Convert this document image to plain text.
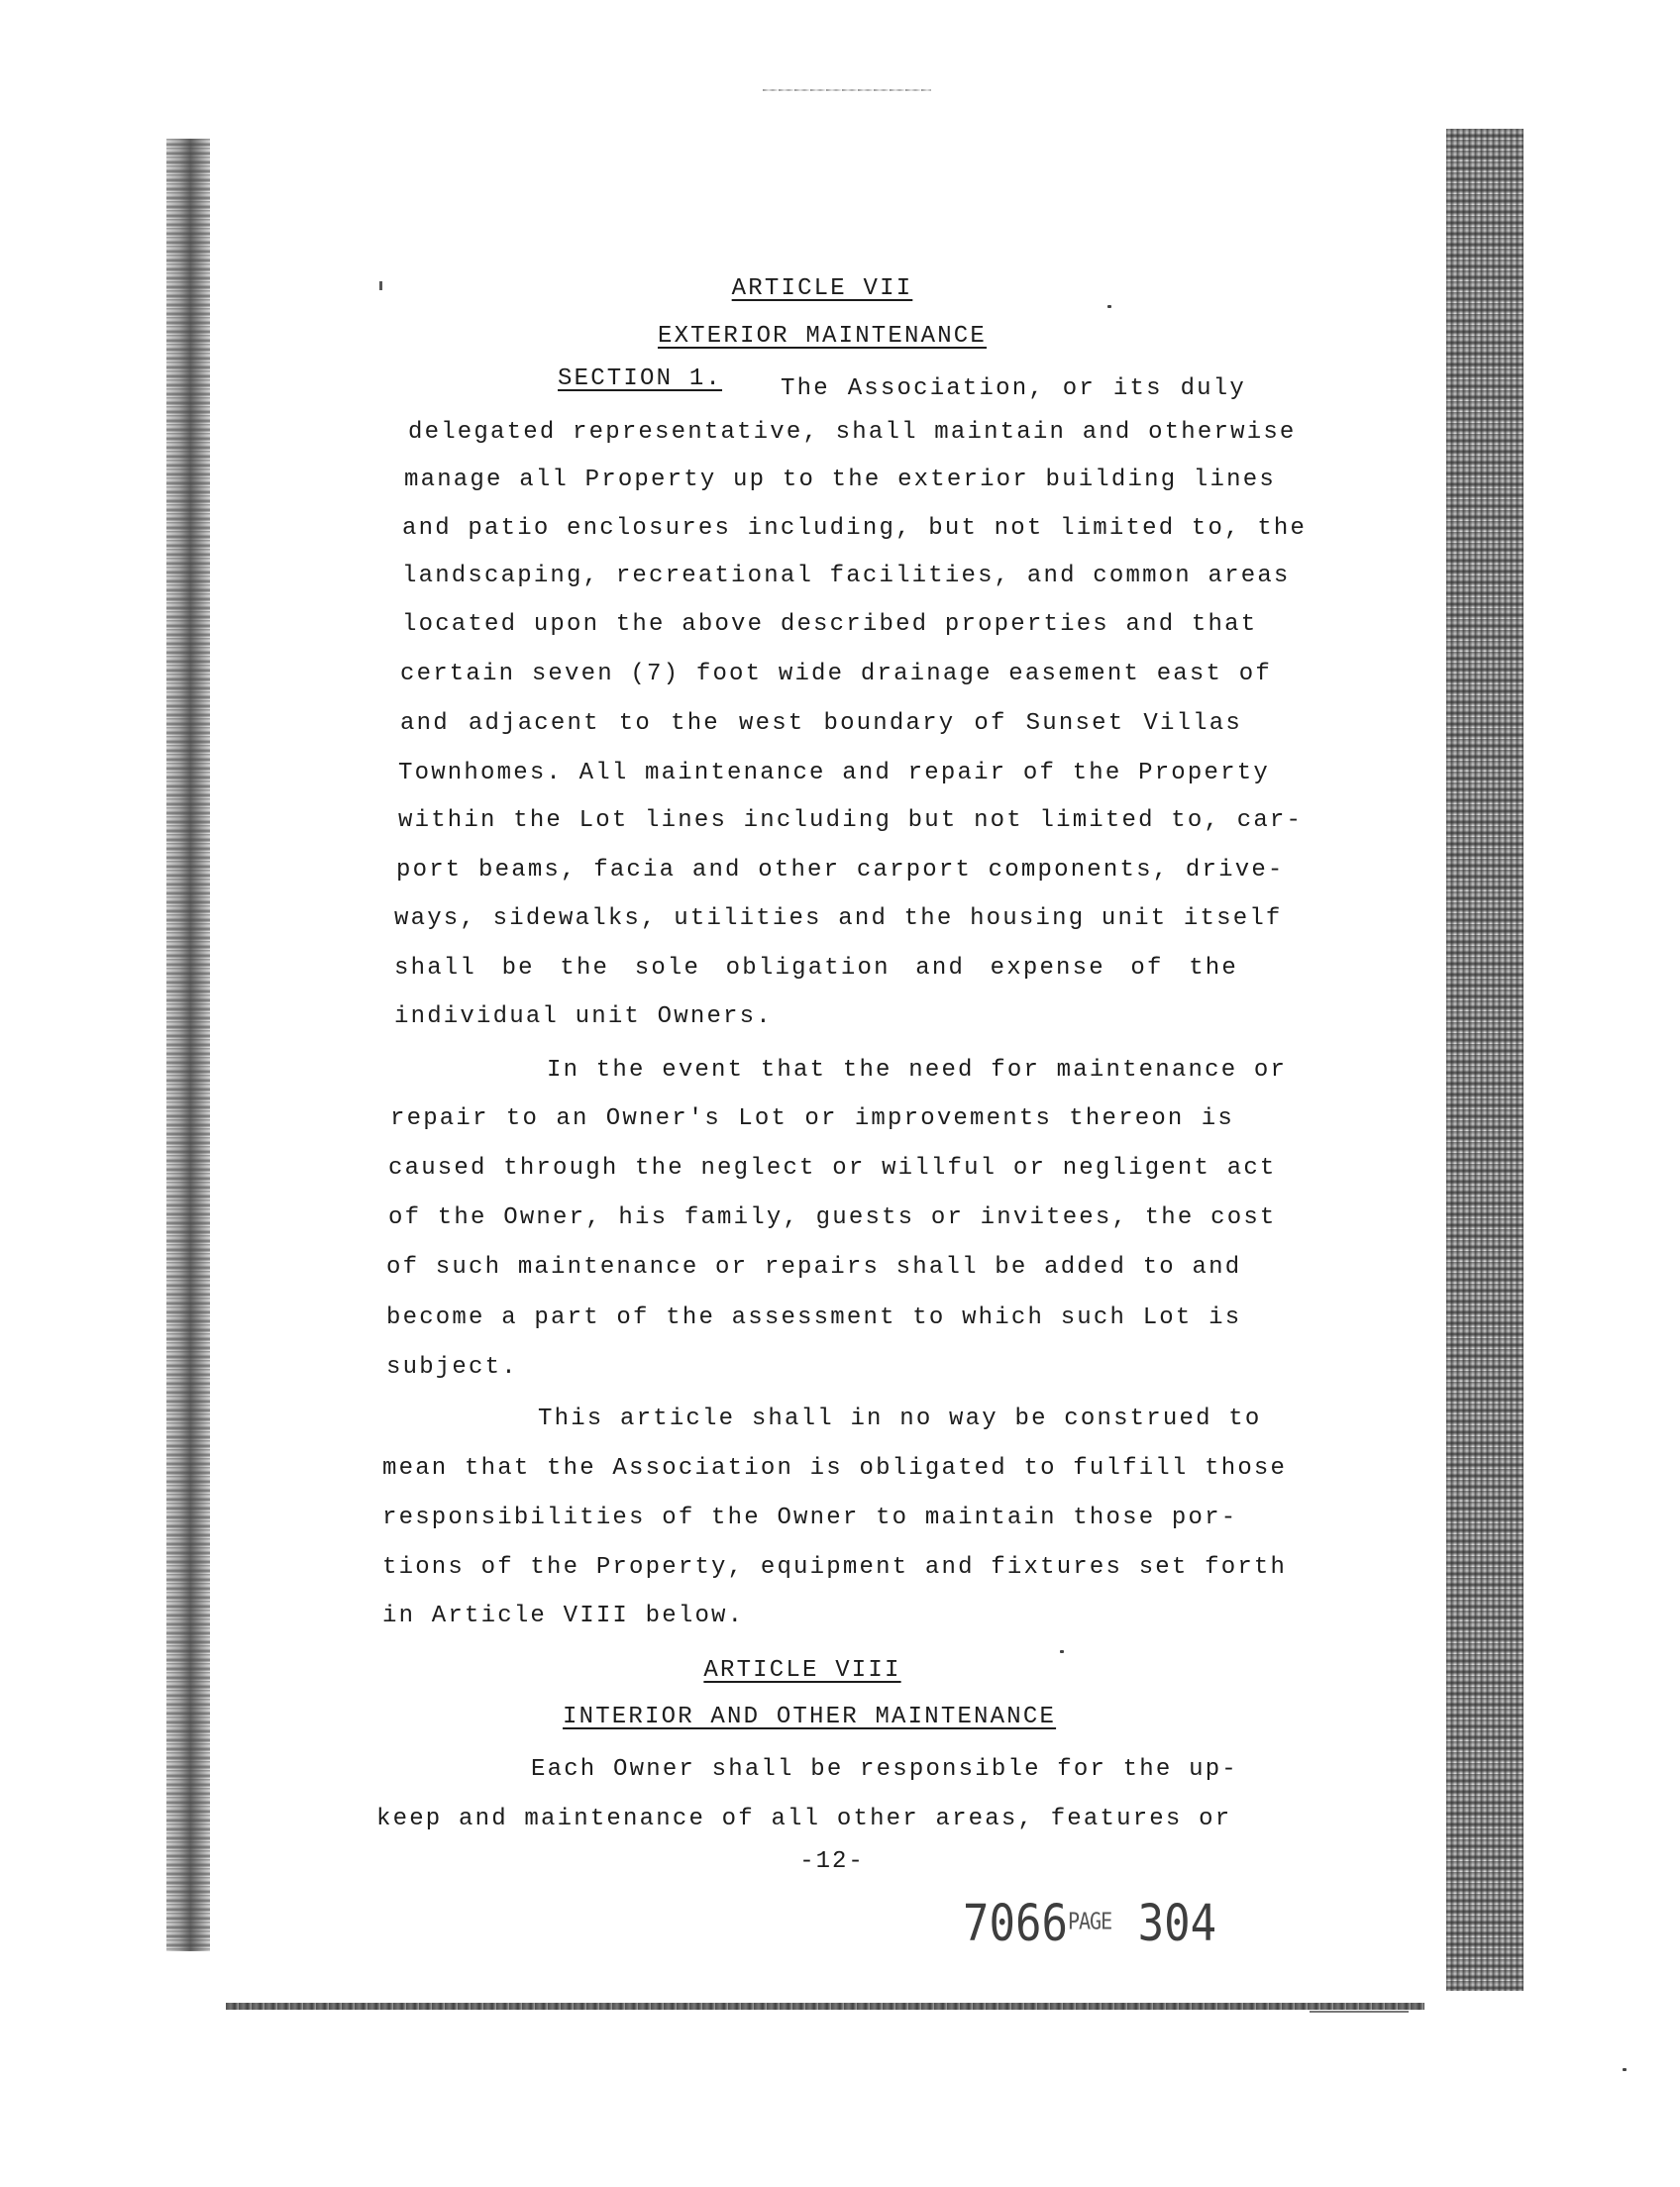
ARTICLE VII
EXTERIOR MAINTENANCE
SECTION 1. The Association, or its duly
delegated representative, shall maintain and otherwise
manage all Property up to the exterior building lines
and patio enclosures including, but not limited to, the
landscaping, recreational facilities, and common areas
located upon the above described properties and that
certain seven (7) foot wide drainage easement east of
and adjacent to the west boundary of Sunset Villas
Townhomes. All maintenance and repair of the Property
within the Lot lines including but not limited to, car-
port beams, facia and other carport components, drive-
ways, sidewalks, utilities and the housing unit itself
shall be the sole obligation and expense of the
individual unit Owners.
In the event that the need for maintenance or
repair to an Owner's Lot or improvements thereon is
caused through the neglect or willful or negligent act
of the Owner, his family, guests or invitees, the cost
of such maintenance or repairs shall be added to and
become a part of the assessment to which such Lot is
subject.
This article shall in no way be construed to
mean that the Association is obligated to fulfill those
responsibilities of the Owner to maintain those por-
tions of the Property, equipment and fixtures set forth
in Article VIII below.
ARTICLE VIII
INTERIOR AND OTHER MAINTENANCE
Each Owner shall be responsible for the up-
keep and maintenance of all other areas, features or
-12-
$7066^{PAGE}$ 304
